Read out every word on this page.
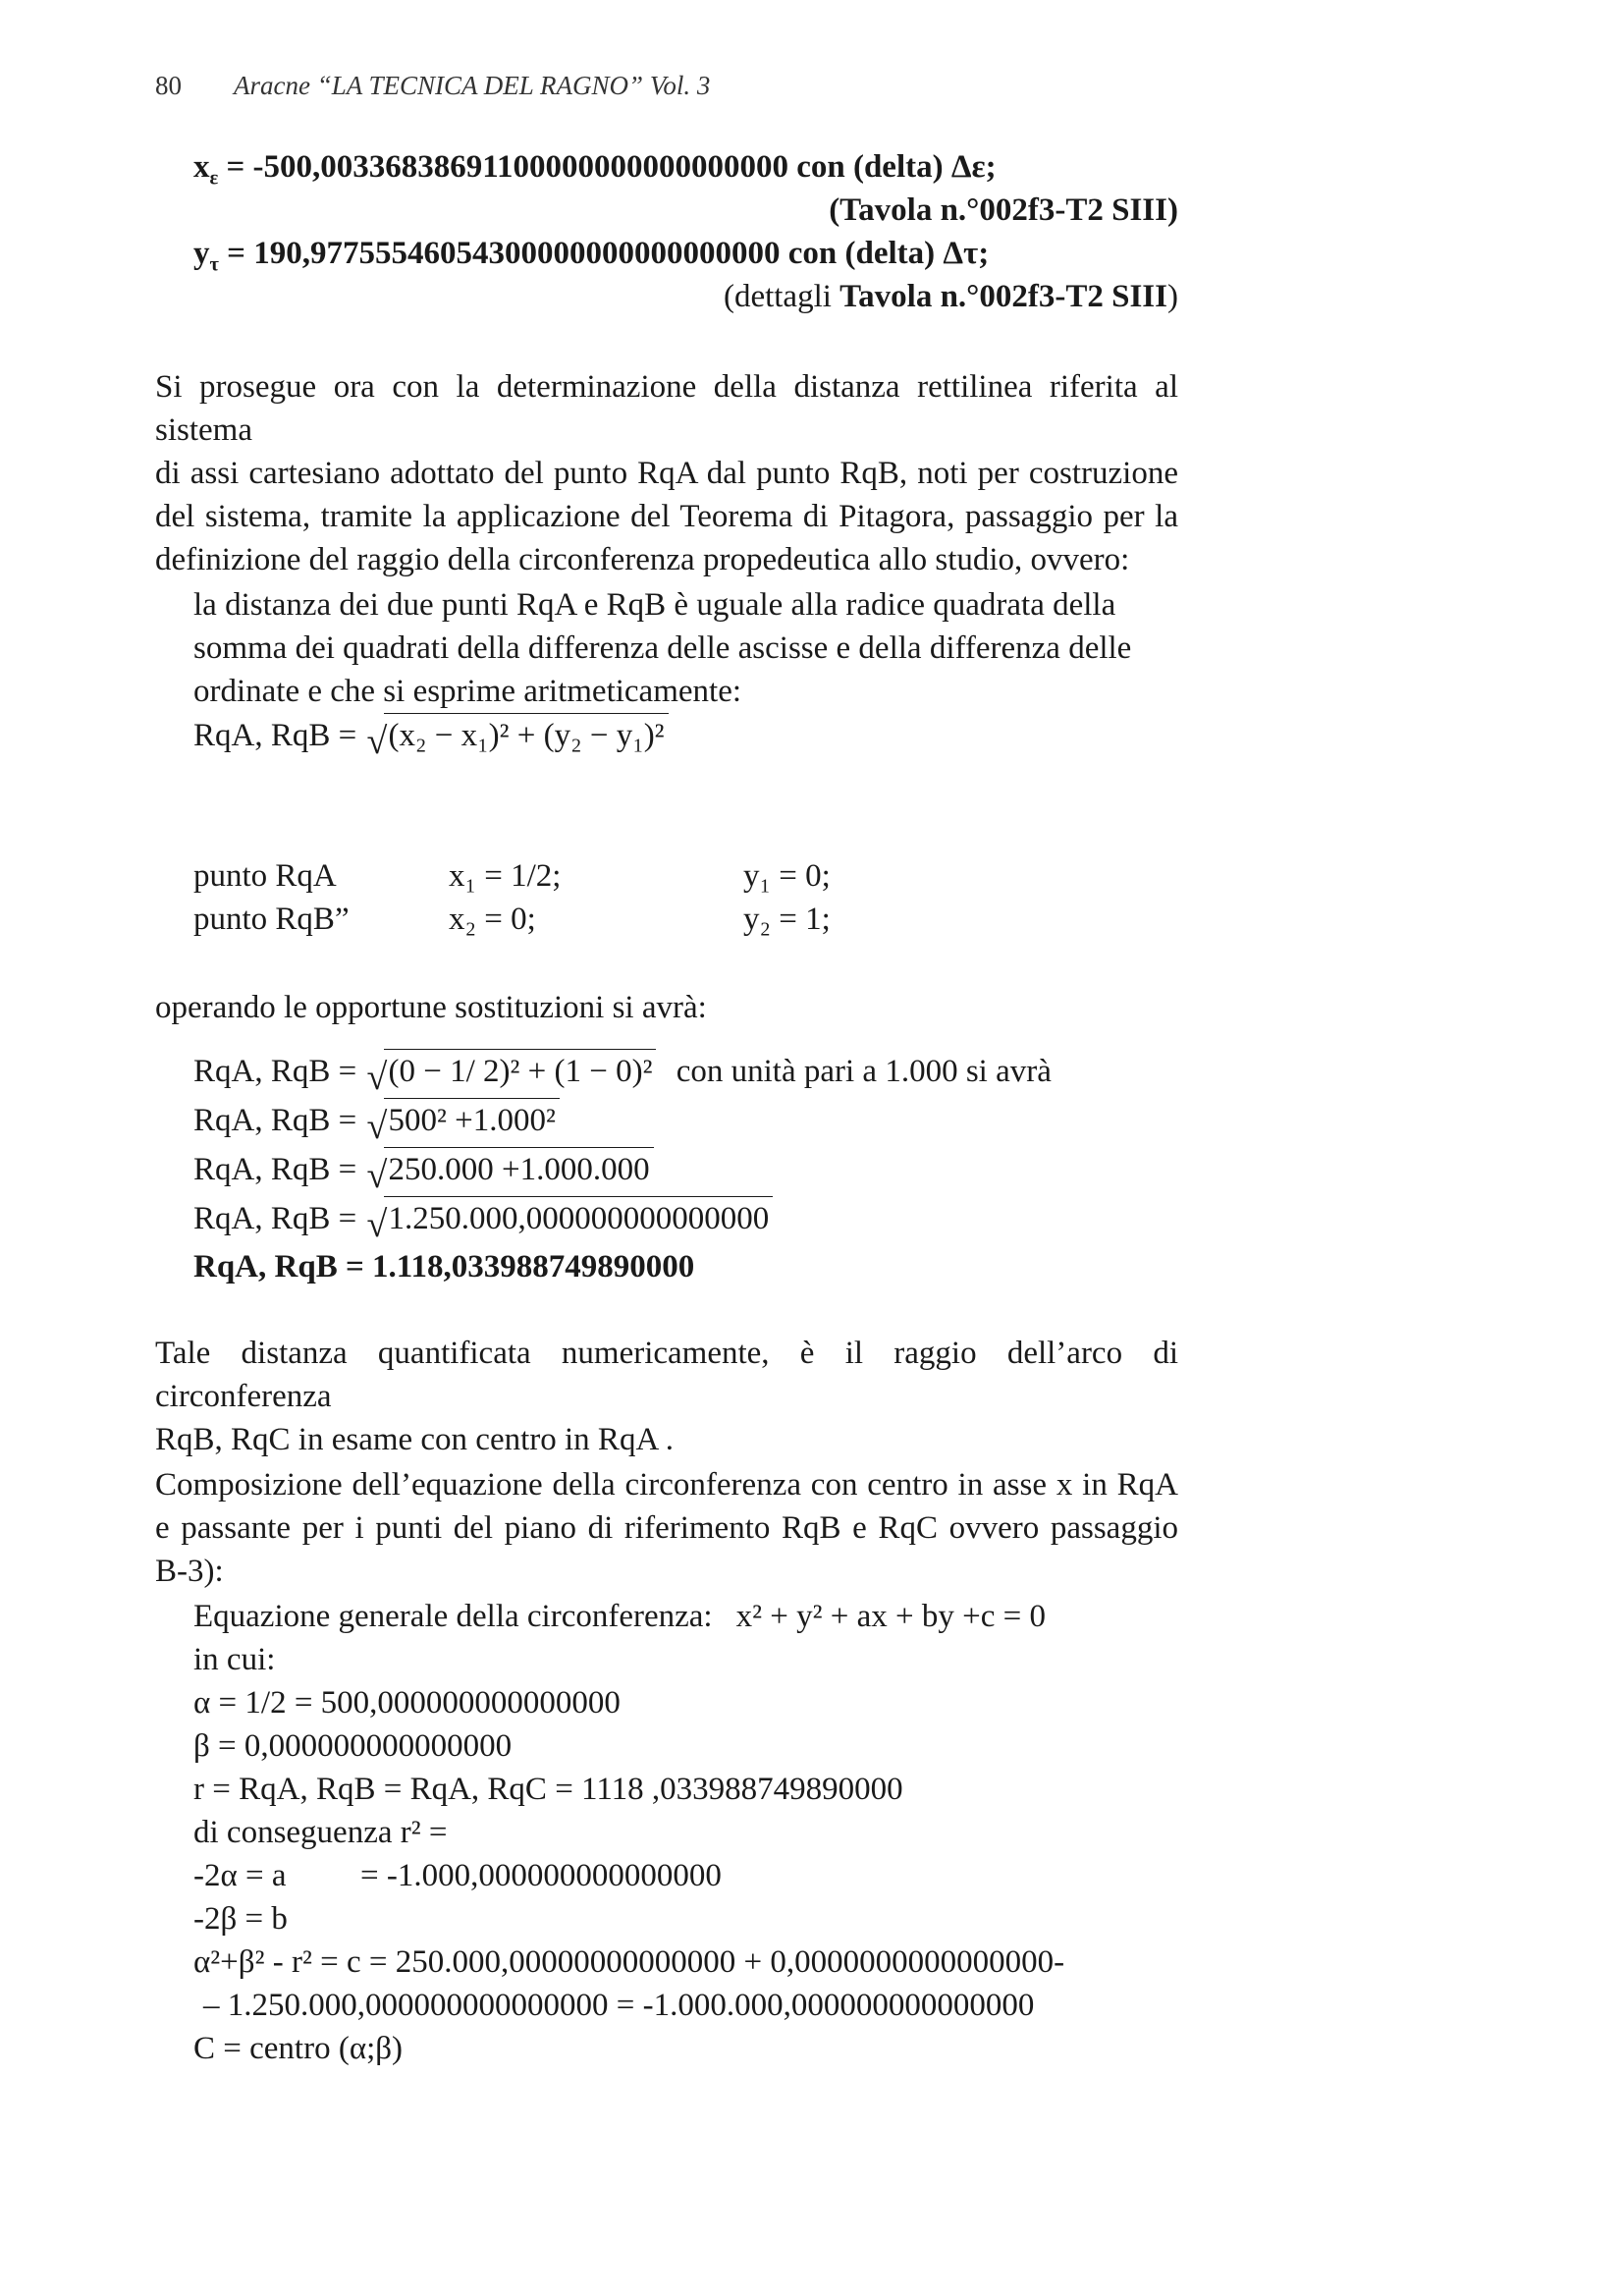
80 Aracne “LA TECNICA DEL RAGNO” Vol. 3
$x_\varepsilon = -500,00336838691100000000000000000$ con (delta) Δε;
(Tavola n.°002f3-T2 SIII)
$y_\tau = 190,97755546054300000000000000000$ con (delta) Δτ;
(dettagli Tavola n.°002f3-T2 SIII)
Si prosegue ora con la determinazione della distanza rettilinea riferita al sistema
di assi cartesiano adottato del punto RqA dal punto RqB, noti per costruzione
del sistema, tramite la applicazione del Teorema di Pitagora, passaggio per la
definizione del raggio della circonferenza propedeutica allo studio, ovvero:
la distanza dei due punti RqA e RqB è uguale alla radice quadrata della
somma dei quadrati della differenza delle ascisse e della differenza delle
ordinate e che si esprime aritmeticamente:
RqA, RqB = √ (x₂ − x₁)² + (y₂ − y₁)²
punto RqA	x₁ = 1/2;	y₁ = 0;
punto RqB”	x₂ = 0;	y₂ = 1;
operando le opportune sostituzioni si avrà:
RqA, RqB = √ (0 − 1/ 2)² + (1 − 0)² con unità pari a 1.000 si avrà
RqA, RqB = √ 500² +1.000²
RqA, RqB = √ 250.000 +1.000.000
RqA, RqB = √ 1.250.000,000000000000000
RqA, RqB = 1.118,033988749890000
Tale distanza quantificata numericamente, è il raggio dell’arco di circonferenza
RqB, RqC in esame con centro in RqA .
Composizione dell’equazione della circonferenza con centro in asse x in RqA
e passante per i punti del piano di riferimento RqB e RqC ovvero passaggio
B-3):
Equazione generale della circonferenza: x² + y² + ax + by +c = 0
in cui:
α = 1/2 = 500,000000000000000
β = 0,000000000000000
r = RqA, RqB = RqA, RqC = 1118 ,033988749890000
di conseguenza r² =
-2α = a = -1.000,000000000000000
-2β = b
α²+β² - r² = c = 250.000,00000000000000 + 0,0000000000000000-
– 1.250.000,000000000000000 = -1.000.000,000000000000000
C = centro (α;β)
